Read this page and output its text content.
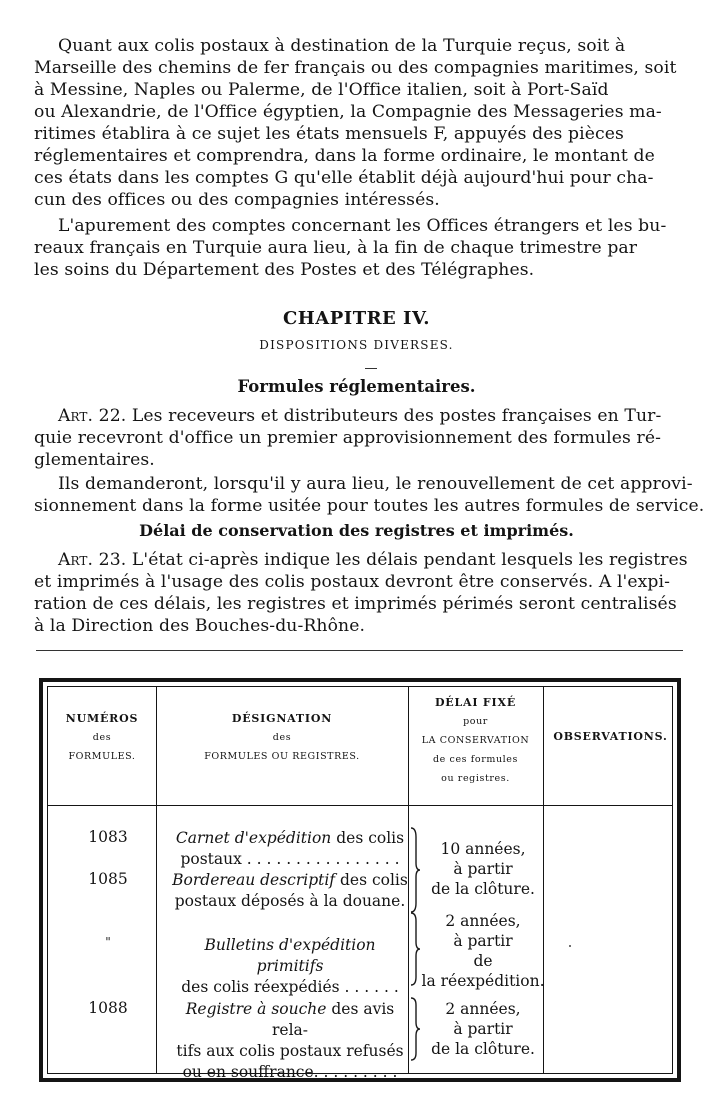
Quant aux colis postaux à destination de la Turquie reçus, soit à
Marseille des chemins de fer français ou des compagnies maritimes, soit
à Messine, Naples ou Palerme, de l'Office italien, soit à Port-Saïd
ou Alexandrie, de l'Office égyptien, la Compagnie des Messageries ma-
ritimes établira à ce sujet les états mensuels F, appuyés des pièces
réglementaires et comprendra, dans la forme ordinaire, le montant de
ces états dans les comptes G qu'elle établit déjà aujourd'hui pour cha-
cun des offices ou des compagnies intéressés.
L'apurement des comptes concernant les Offices étrangers et les bu-
reaux français en Turquie aura lieu, à la fin de chaque trimestre par
les soins du Département des Postes et des Télégraphes.
CHAPITRE IV.
DISPOSITIONS DIVERSES.
Formules réglementaires.
Art. 22. Les receveurs et distributeurs des postes françaises en Tur-
quie recevront d'office un premier approvisionnement des formules ré-
glementaires.
Ils demanderont, lorsqu'il y aura lieu, le renouvellement de cet approvi-
sionnement dans la forme usitée pour toutes les autres formules de service.
Délai de conservation des registres et imprimés.
Art. 23. L'état ci-après indique les délais pendant lesquels les registres
et imprimés à l'usage des colis postaux devront être conservés. A l'expi-
ration de ces délais, les registres et imprimés périmés seront centralisés
à la Direction des Bouches-du-Rhône.
NUMÉROS
des
FORMULES.
DÉSIGNATION
des
FORMULES OU REGISTRES.
DÉLAI FIXÉ
pour
LA CONSERVATION
de ces formules
ou registres.
OBSERVATIONS.
1083
1085
"
1088
Carnet d'expédition des colis
postaux . . . . . . . . . . . . . . . .
Bordereau descriptif des colis
postaux déposés à la douane.
Bulletins d'expédition primitifs
des colis réexpédiés . . . . . .
Registre à souche des avis rela-
tifs aux colis postaux refusés
ou en souffrance. . . . . . . . .
10 années,
à partir
de la clôture.
2 années,
à partir
de
la réexpédition.
2 années,
à partir
de la clôture.
